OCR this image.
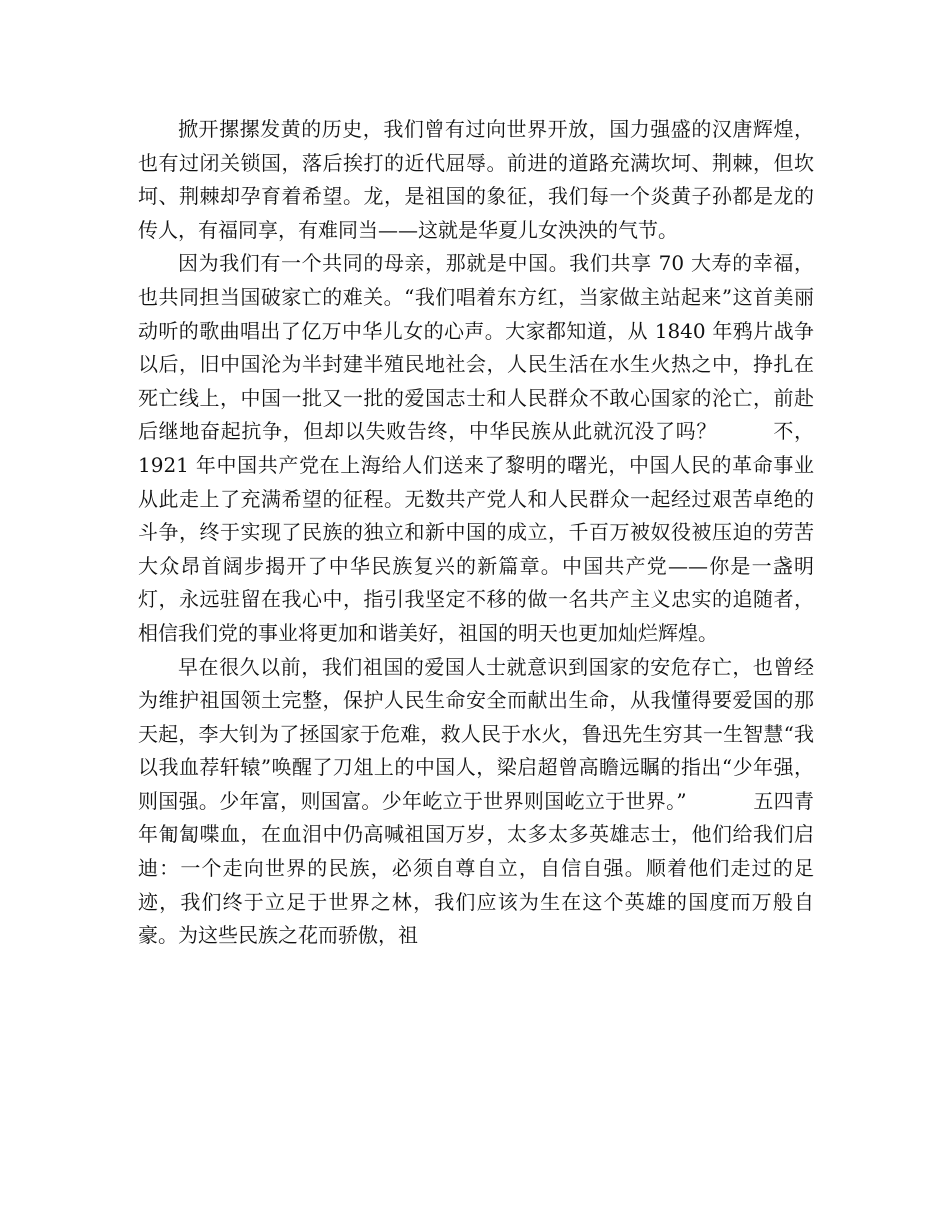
掀开摞摞发黄的历史，我们曾有过向世界开放，国力强盛的汉唐辉煌，也有过闭关锁国，落后挨打的近代屈辱。前进的道路充满坎坷、荆棘，但坎坷、荆棘却孕育着希望。龙，是祖国的象征，我们每一个炎黄子孙都是龙的传人，有福同享，有难同当——这就是华夏儿女泱泱的气节。

因为我们有一个共同的母亲，那就是中国。我们共享 70 大寿的幸福，也共同担当国破家亡的难关。“我们唱着东方红，当家做主站起来”这首美丽动听的歌曲唱出了亿万中华儿女的心声。大家都知道，从 1840 年鸦片战争以后，旧中国沦为半封建半殖民地社会，人民生活在水生火热之中，挣扎在死亡线上，中国一批又一批的爱国志士和人民群众不敢心国家的沦亡，前赴后继地奋起抗争，但却以失败告终，中华民族从此就沉没了吗？        不，1921 年中国共产党在上海给人们送来了黎明的曙光，中国人民的革命事业从此走上了充满希望的征程。无数共产党人和人民群众一起经过艰苦卓绝的斗争，终于实现了民族的独立和新中国的成立，千百万被奴役被压迫的劳苦大众昂首阔步揭开了中华民族复兴的新篇章。中国共产党——你是一盏明灯，永远驻留在我心中，指引我坚定不移的做一名共产主义忠实的追随者，相信我们党的事业将更加和谐美好，祖国的明天也更加灿烂辉煌。

早在很久以前，我们祖国的爱国人士就意识到国家的安危存亡，也曾经为维护祖国领土完整，保护人民生命安全而献出生命，从我懂得要爱国的那天起，李大钊为了拯国家于危难，救人民于水火，鲁迅先生穷其一生智慧“我以我血荐轩辕”唤醒了刀俎上的中国人，梁启超曾高瞻远瞩的指出“少年强，则国强。少年富，则国富。少年屹立于世界则国屹立于世界。”          五四青年匍匐喋血，在血泪中仍高喊祖国万岁，太多太多英雄志士，他们给我们启迪：一个走向世界的民族，必须自尊自立，自信自强。顺着他们走过的足迹，我们终于立足于世界之林，我们应该为生在这个英雄的国度而万般自豪。为这些民族之花而骄傲，祖
